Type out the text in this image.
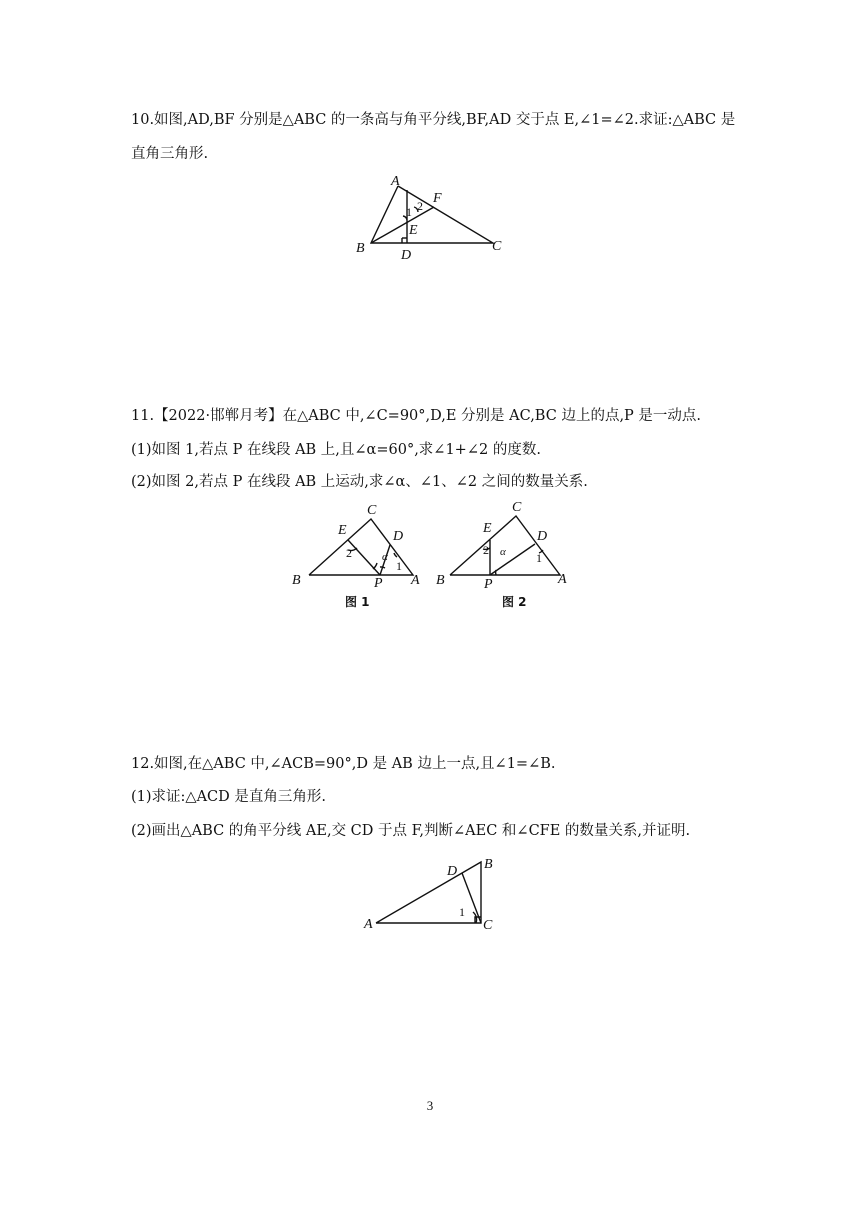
10.如图,AD,BF 分别是△ABC 的一条高与角平分线,BF,AD 交于点 E,∠1=∠2.求证:△ABC 是
直角三角形.
A
F
1 2
E
B	D
C
11.【2022·邯郸月考】在△ABC 中,∠C=90°,D,E 分别是 AC,BC 边上的点,P 是一动点.
(1)如图 1,若点 P 在线段 AB 上,且∠α=60°,求∠1+∠2 的度数.
(2)如图 2,若点 P 在线段 AB 上运动,求∠α、∠1、∠2 之间的数量关系.
C
E	D
2	α
1
B	P A
图 1
C
E
D
2 α	1
B	P	A
图 2
12.如图,在△ABC 中,∠ACB=90°,D 是 AB 边上一点,且∠1=∠B.
(1)求证:△ACD 是直角三角形.
(2)画出△ABC 的角平分线 AE,交 CD 于点 F,判断∠AEC 和∠CFE 的数量关系,并证明.
D B
1
A	C
3
